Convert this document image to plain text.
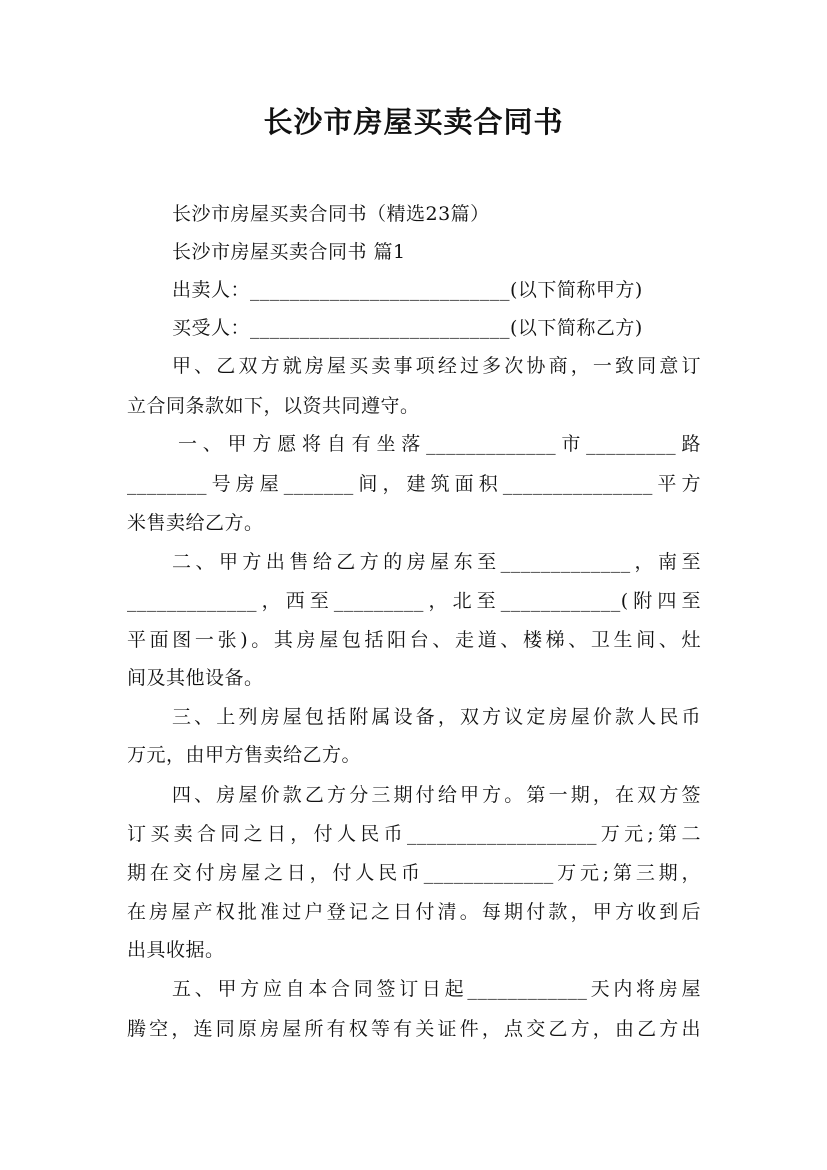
长沙市房屋买卖合同书
长沙市房屋买卖合同书（精选23篇）
长沙市房屋买卖合同书 篇1
出卖人：__________________________(以下简称甲方)
买受人：__________________________(以下简称乙方)
甲、乙双方就房屋买卖事项经过多次协商，一致同意订
立合同条款如下，以资共同遵守。
一、甲方愿将自有坐落_____________市_________路
________号房屋_______间，建筑面积_______________平方
米售卖给乙方。
二、甲方出售给乙方的房屋东至_____________，南至
_____________，西至_________，北至____________(附四至
平面图一张)。其房屋包括阳台、走道、楼梯、卫生间、灶
间及其他设备。
三、上列房屋包括附属设备，双方议定房屋价款人民币
万元，由甲方售卖给乙方。
四、房屋价款乙方分三期付给甲方。第一期，在双方签
订买卖合同之日，付人民币___________________万元;第二
期在交付房屋之日，付人民币_____________万元;第三期，
在房屋产权批准过户登记之日付清。每期付款，甲方收到后
出具收据。
五、甲方应自本合同签订日起____________天内将房屋
腾空，连同原房屋所有权等有关证件，点交乙方，由乙方出
